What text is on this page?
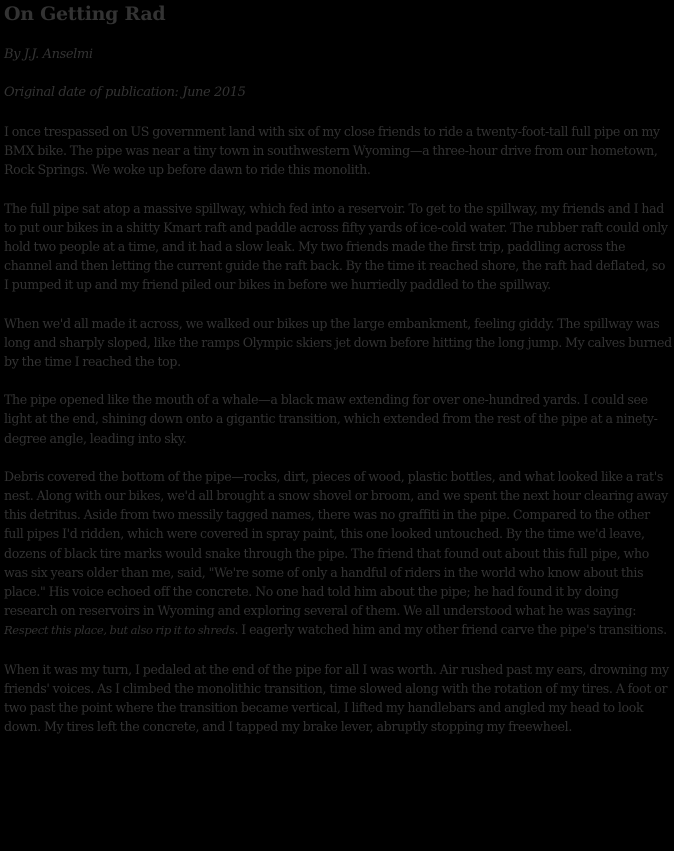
On Getting Rad

By J.J. Anselmi

Original date of publication: June 2015

I once trespassed on US government land with six of my close friends to ride a twenty-foot-tall full pipe on my BMX bike. The pipe was near a tiny town in southwestern Wyoming—a three-hour drive from our hometown, Rock Springs. We woke up before dawn to ride this monolith.

The full pipe sat atop a massive spillway, which fed into a reservoir. To get to the spillway, my friends and I had to put our bikes in a shitty Kmart raft and paddle across fifty yards of ice-cold water. The rubber raft could only hold two people at a time, and it had a slow leak. My two friends made the first trip, paddling across the channel and then letting the current guide the raft back. By the time it reached shore, the raft had deflated, so I pumped it up and my friend piled our bikes in before we hurriedly paddled to the spillway.

When we'd all made it across, we walked our bikes up the large embankment, feeling giddy. The spillway was long and sharply sloped, like the ramps Olympic skiers jet down before hitting the long jump. My calves burned by the time I reached the top.

The pipe opened like the mouth of a whale—a black maw extending for over one-hundred yards. I could see light at the end, shining down onto a gigantic transition, which extended from the rest of the pipe at a ninety-degree angle, leading into sky.

Debris covered the bottom of the pipe—rocks, dirt, pieces of wood, plastic bottles, and what looked like a rat's nest. Along with our bikes, we'd all brought a snow shovel or broom, and we spent the next hour clearing away this detritus. Aside from two messily tagged names, there was no graffiti in the pipe. Compared to the other full pipes I'd ridden, which were covered in spray paint, this one looked untouched. By the time we'd leave, dozens of black tire marks would snake through the pipe. The friend that found out about this full pipe, who was six years older than me, said, "We're some of only a handful of riders in the world who know about this place." His voice echoed off the concrete. No one had told him about the pipe; he had found it by doing research on reservoirs in Wyoming and exploring several of them. We all understood what he was saying: Respect this place, but also rip it to shreds. I eagerly watched him and my other friend carve the pipe's transitions.

When it was my turn, I pedaled at the end of the pipe for all I was worth. Air rushed past my ears, drowning my friends' voices. As I climbed the monolithic transition, time slowed along with the rotation of my tires. A foot or two past the point where the transition became vertical, I lifted my handlebars and angled my head to look down. My tires left the concrete, and I tapped my brake lever, abruptly stopping my freewheel.
